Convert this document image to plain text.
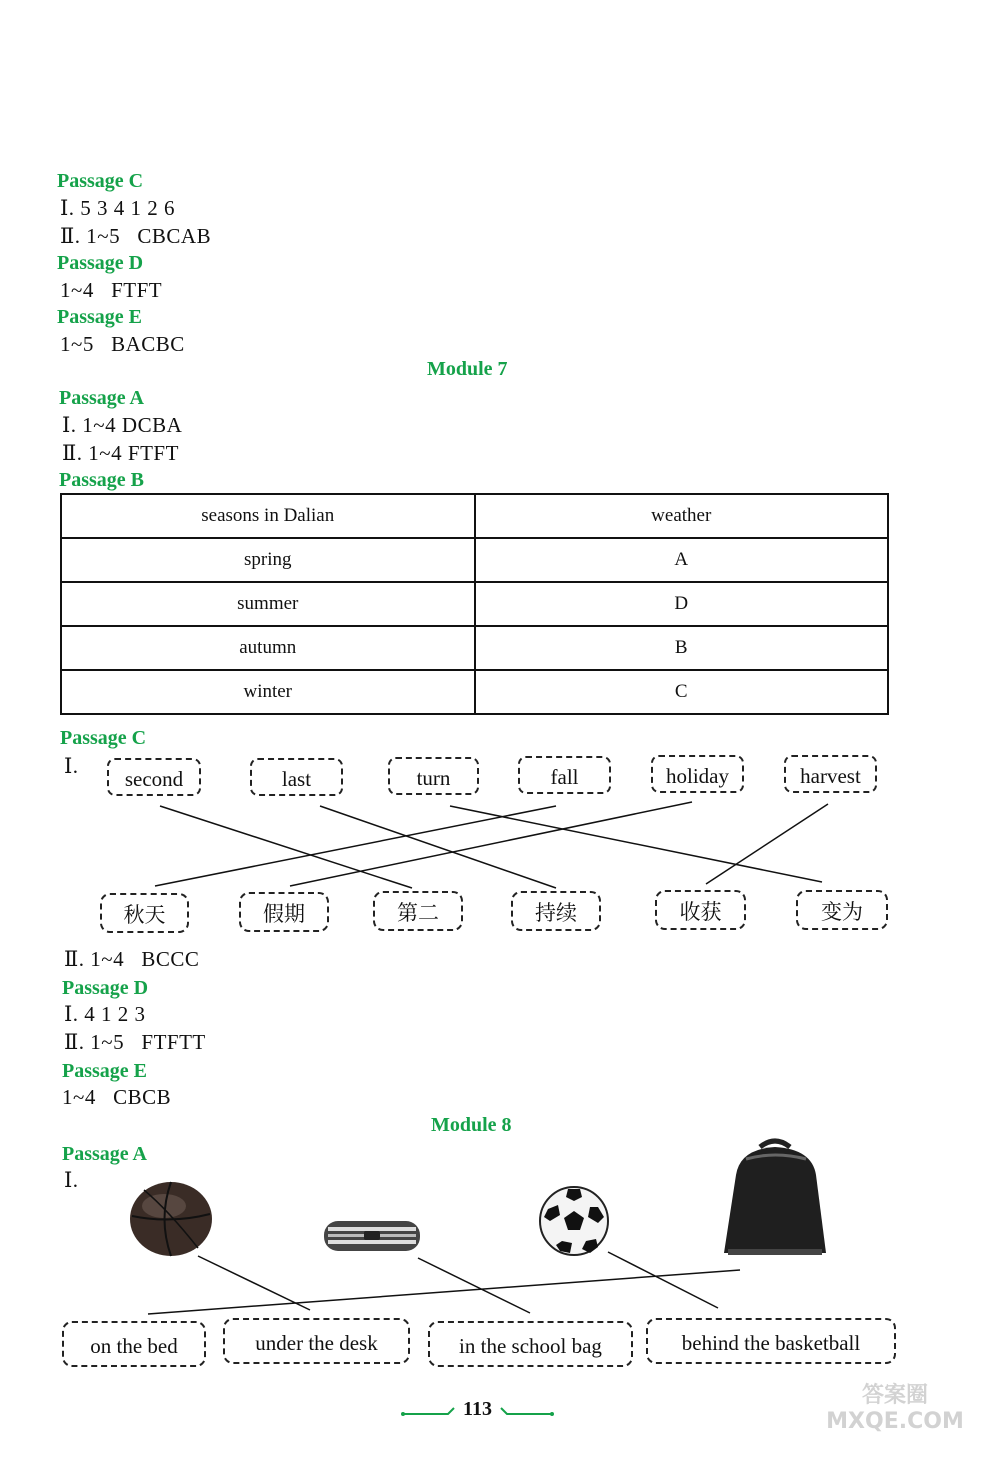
Passage C
Ⅰ. 5 3 4 1 2 6
Ⅱ. 1~5   CBCAB
Passage D
1~4   FTFT
Passage E
1~5   BACBC
Module 7
Passage A
Ⅰ. 1~4 DCBA
Ⅱ. 1~4 FTFT
Passage B
seasons in Dalian	weather
spring	A
summer	D
autumn	B
winter	C
Passage C
Ⅰ.
second	last	turn	fall	holiday	harvest
秋天	假期	第二	持续	收获	变为
Ⅱ. 1~4   BCCC
Passage D
Ⅰ. 4 1 2 3
Ⅱ. 1~5   FTFTT
Passage E
1~4   CBCB
Module 8
Passage A
Ⅰ.
on the bed	under the desk	in the school bag	behind the basketball
113
答案圈 MXQE.COM
